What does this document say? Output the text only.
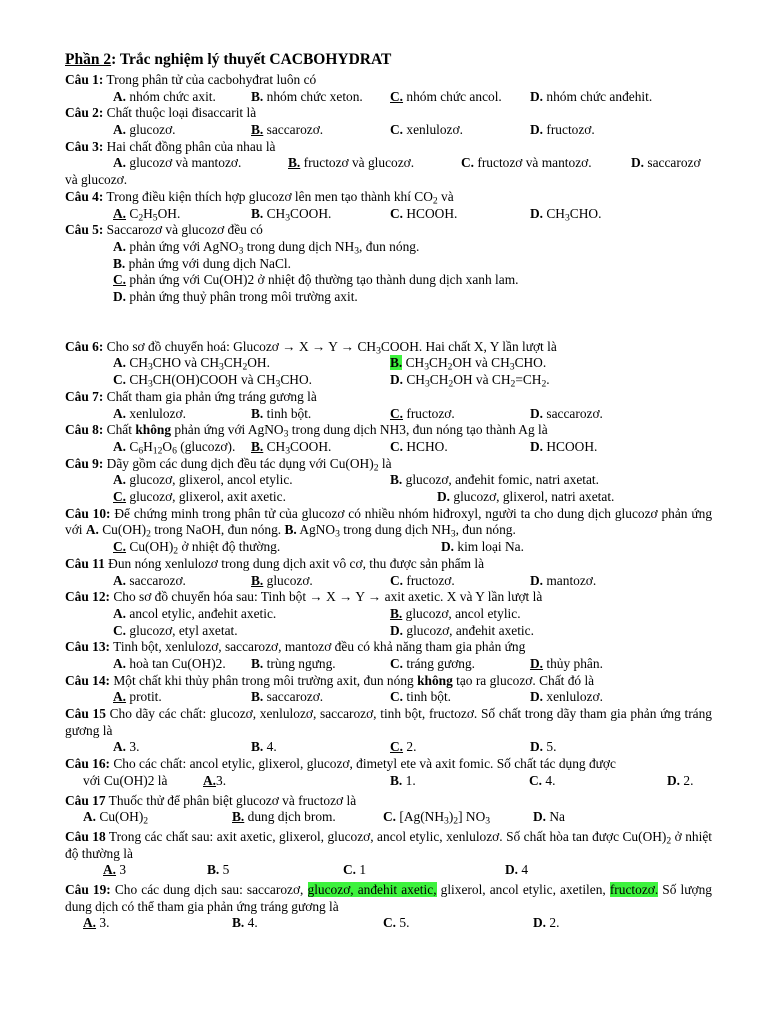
Phần 2: Trắc nghiệm lý thuyết CACBOHYDRAT
Câu 1: Trong phân tử của cacbohyđrat luôn có
A. nhóm chức axit.	B. nhóm chức xeton. C. nhóm chức ancol. D. nhóm chức anđehit.
Câu 2: Chất thuộc loại đisaccarit là
A. glucozơ.	B. saccarozơ.	C. xenlulozơ.	D. fructozơ.
Câu 3: Hai chất đồng phân của nhau là
A. glucozơ và mantozơ.	B. fructozơ và glucozơ.	C. fructozơ và mantozơ.	D. saccarozơ
và glucozơ.
Câu 4: Trong điều kiện thích hợp glucozơ lên men tạo thành khí $CO_2$ và
A. $C_2H_5OH$.	B. $CH_3COOH$.	C. HCOOH.	D. $CH_3CHO$.
Câu 5: Saccarozơ và glucozơ đều có
A. phản ứng với AgNO$_3$ trong dung dịch $NH_3$, đun nóng.
B. phản ứng với dung dịch NaCl.
C. phản ứng với Cu(OH)2 ở nhiệt độ thường tạo thành dung dịch xanh lam.
D. phản ứng thuỷ phân trong môi trường axit.
Câu 6: Cho sơ đồ chuyển hoá: Glucozơ → $X \to Y \to CH_3COOH$. Hai chất X, Y lần lượt là
A. $CH_3CHO$ và $CH_3CH_2OH$.	B. $CH_3CH_2OH$ và $CH_3CHO$.
C. $CH_3CH(OH)COOH$ và $CH_3CHO$.	D. $CH_3CH_2OH$ và $CH_2=CH_2$.
Câu 7: Chất tham gia phản ứng tráng gương là
A. xenlulozơ.	B. tinh bột.	C. fructozơ.	D. saccarozơ.
Câu 8: Chất không phản ứng với AgNO$_3$ trong dung dịch NH3, đun nóng tạo thành Ag là
A. $C_6H_{12}O_6$ (glucozơ). B. $CH_3COOH$.	C. HCHO.	D. HCOOH.
Câu 9: Dãy gồm các dung dịch đều tác dụng với $Cu(OH)_2$ là
A. glucozơ, glixerol, ancol etylic.	B. glucozơ, anđehit fomic, natri axetat.
C. glucozơ, glixerol, axit axetic.	D. glucozơ, glixerol, natri axetat.
Câu 10: Để chứng minh trong phân tử của glucozơ có nhiều nhóm hiđroxyl, người ta cho dung dịch glucozơ phản ứng với A. $Cu(OH)_2$ trong NaOH, đun nóng. B. AgNO$_3$ trong dung dịch $NH_3$, đun nóng.
C. $Cu(OH)_2$ ở nhiệt độ thường.	D. kim loại Na.
Câu 11 Đun nóng xenlulozơ trong dung dịch axit vô cơ, thu được sản phẩm là
A. saccarozơ.	B. glucozơ.	C. fructozơ.	D. mantozơ.
Câu 12: Cho sơ đồ chuyển hóa sau: Tinh bột → X → Y → axit axetic. X và Y lần lượt là
A. ancol etylic, anđehit axetic.	B. glucozơ, ancol etylic.
C. glucozơ, etyl axetat.	D. glucozơ, anđehit axetic.
Câu 13: Tinh bột, xenlulozơ, saccarozơ, mantozơ đều có khả năng tham gia phản ứng
A. hoà tan Cu(OH)2. B. trùng ngưng.	C. tráng gương.	D. thủy phân.
Câu 14: Một chất khi thủy phân trong môi trường axit, đun nóng không tạo ra glucozơ. Chất đó là
A. protit.	B. saccarozơ.	C. tinh bột.	D. xenlulozơ.
Câu 15 Cho dãy các chất: glucozơ, xenlulozơ, saccarozơ, tinh bột, fructozơ. Số chất trong dãy tham gia phản ứng tráng gương là
A. 3.	B. 4.	C. 2.	D. 5.
Câu 16: Cho các chất: ancol etylic, glixerol, glucozơ, đimetyl ete và axit fomic. Số chất tác dụng được
với Cu(OH)2 là	A.3.	B. 1.	C. 4.	D. 2.
Câu 17 Thuốc thử để phân biệt glucozơ và fructozơ là
A. $Cu(OH)_2$	B. dung dịch brom.	C. $[Ag(NH_3)_2]$ $NO_3$	D. Na
Câu 18 Trong các chất sau: axit axetic, glixerol, glucozơ, ancol etylic, xenlulozơ. Số chất hòa tan được $Cu(OH)_2$ ở nhiệt độ thường là
A. 3	B. 5	C. 1	D. 4
Câu 19: Cho các dung dịch sau: saccarozơ, glucozơ, anđehit axetic, glixerol, ancol etylic, axetilen, fructozơ. Số lượng dung dịch có thể tham gia phản ứng tráng gương là
A. 3.	B. 4.	C. 5.	D. 2.
